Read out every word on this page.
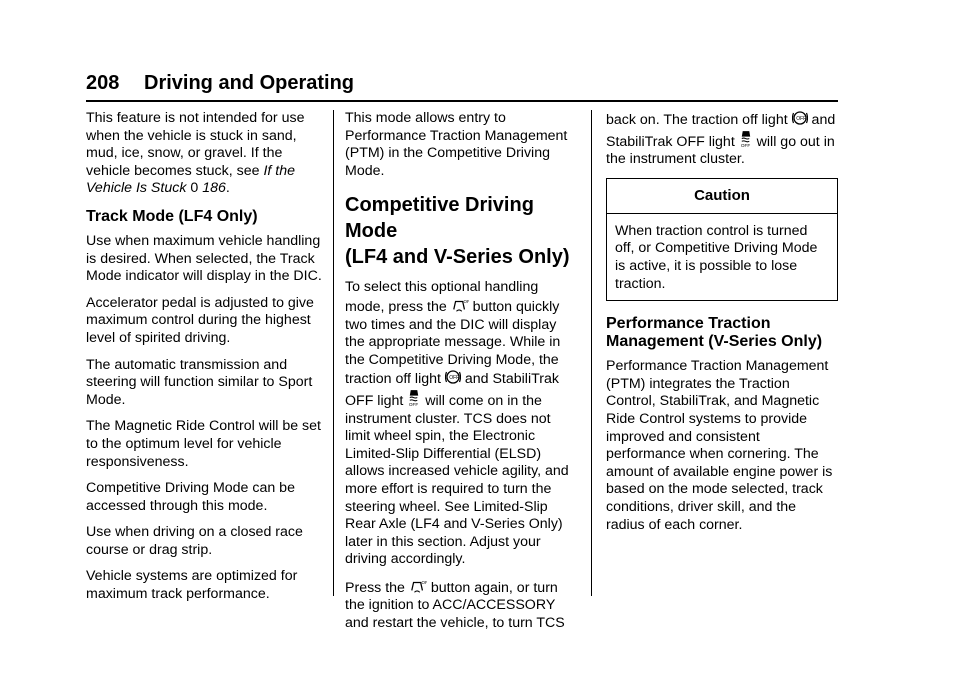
208 Driving and Operating

This feature is not intended for use when the vehicle is stuck in sand, mud, ice, snow, or gravel. If the vehicle becomes stuck, see If the Vehicle Is Stuck 0 186.

Track Mode (LF4 Only)

Use when maximum vehicle handling is desired. When selected, the Track Mode indicator will display in the DIC.

Accelerator pedal is adjusted to give maximum control during the highest level of spirited driving.

The automatic transmission and steering will function similar to Sport Mode.

The Magnetic Ride Control will be set to the optimum level for vehicle responsiveness.

Competitive Driving Mode can be accessed through this mode.

Use when driving on a closed race course or drag strip.

Vehicle systems are optimized for maximum track performance.

This mode allows entry to Performance Traction Management (PTM) in the Competitive Driving Mode.

Competitive Driving Mode
(LF4 and V-Series Only)

To select this optional handling mode, press the  button quickly two times and the DIC will display the appropriate message. While in the Competitive Driving Mode, the traction off light  and StabiliTrak OFF light  will come on in the instrument cluster. TCS does not limit wheel spin, the Electronic Limited-Slip Differential (ELSD) allows increased vehicle agility, and more effort is required to turn the steering wheel. See Limited-Slip Rear Axle (LF4 and V-Series Only) later in this section. Adjust your driving accordingly.

Press the  button again, or turn the ignition to ACC/ACCESSORY and restart the vehicle, to turn TCS

back on. The traction off light  and StabiliTrak OFF light  will go out in the instrument cluster.

Caution

When traction control is turned off, or Competitive Driving Mode is active, it is possible to lose traction.

Performance Traction
Management (V-Series Only)

Performance Traction Management (PTM) integrates the Traction Control, StabiliTrak, and Magnetic Ride Control systems to provide improved and consistent performance when cornering. The amount of available engine power is based on the mode selected, track conditions, driver skill, and the radius of each corner.
